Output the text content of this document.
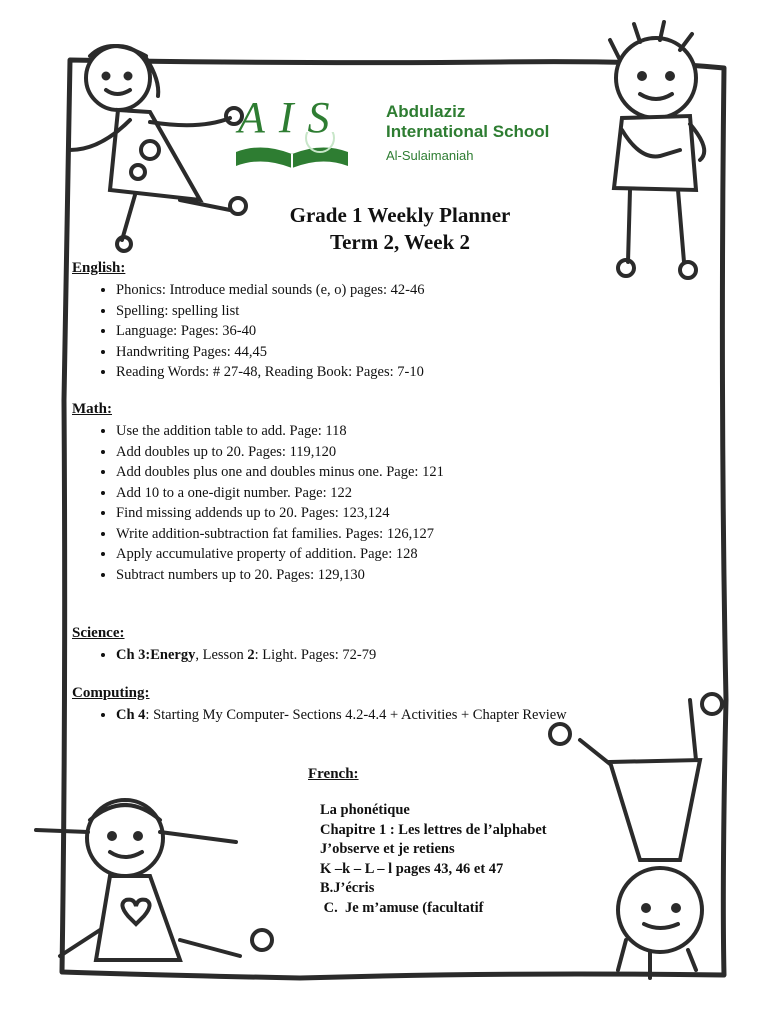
AIS Abdulaziz
International School
Al-Sulaimaniah
Grade 1 Weekly Planner
Term 2, Week 2
English:
• Phonics: Introduce medial sounds (e, o) pages: 42-46
• Spelling: spelling list
• Language: Pages: 36-40
• Handwriting Pages: 44,45
• Reading Words: # 27-48, Reading Book: Pages: 7-10
Math:
• Use the addition table to add. Page: 118
• Add doubles up to 20. Pages: 119,120
• Add doubles plus one and doubles minus one. Page: 121
• Add 10 to a one-digit number. Page: 122
• Find missing addends up to 20. Pages: 123,124
• Write addition-subtraction fat families. Pages: 126,127
• Apply accumulative property of addition. Page: 128
• Subtract numbers up to 20. Pages: 129,130
Science:
• Ch 3:Energy, Lesson 2: Light. Pages: 72-79
Computing:
• Ch 4: Starting My Computer- Sections 4.2-4.4 + Activities + Chapter Review
French:
La phonétique
Chapitre 1 : Les lettres de l’alphabet
J’observe et je retiens
K –k – L – l pages 43, 46 et 47
B.J’écris
C.  Je m’amuse (facultatif
